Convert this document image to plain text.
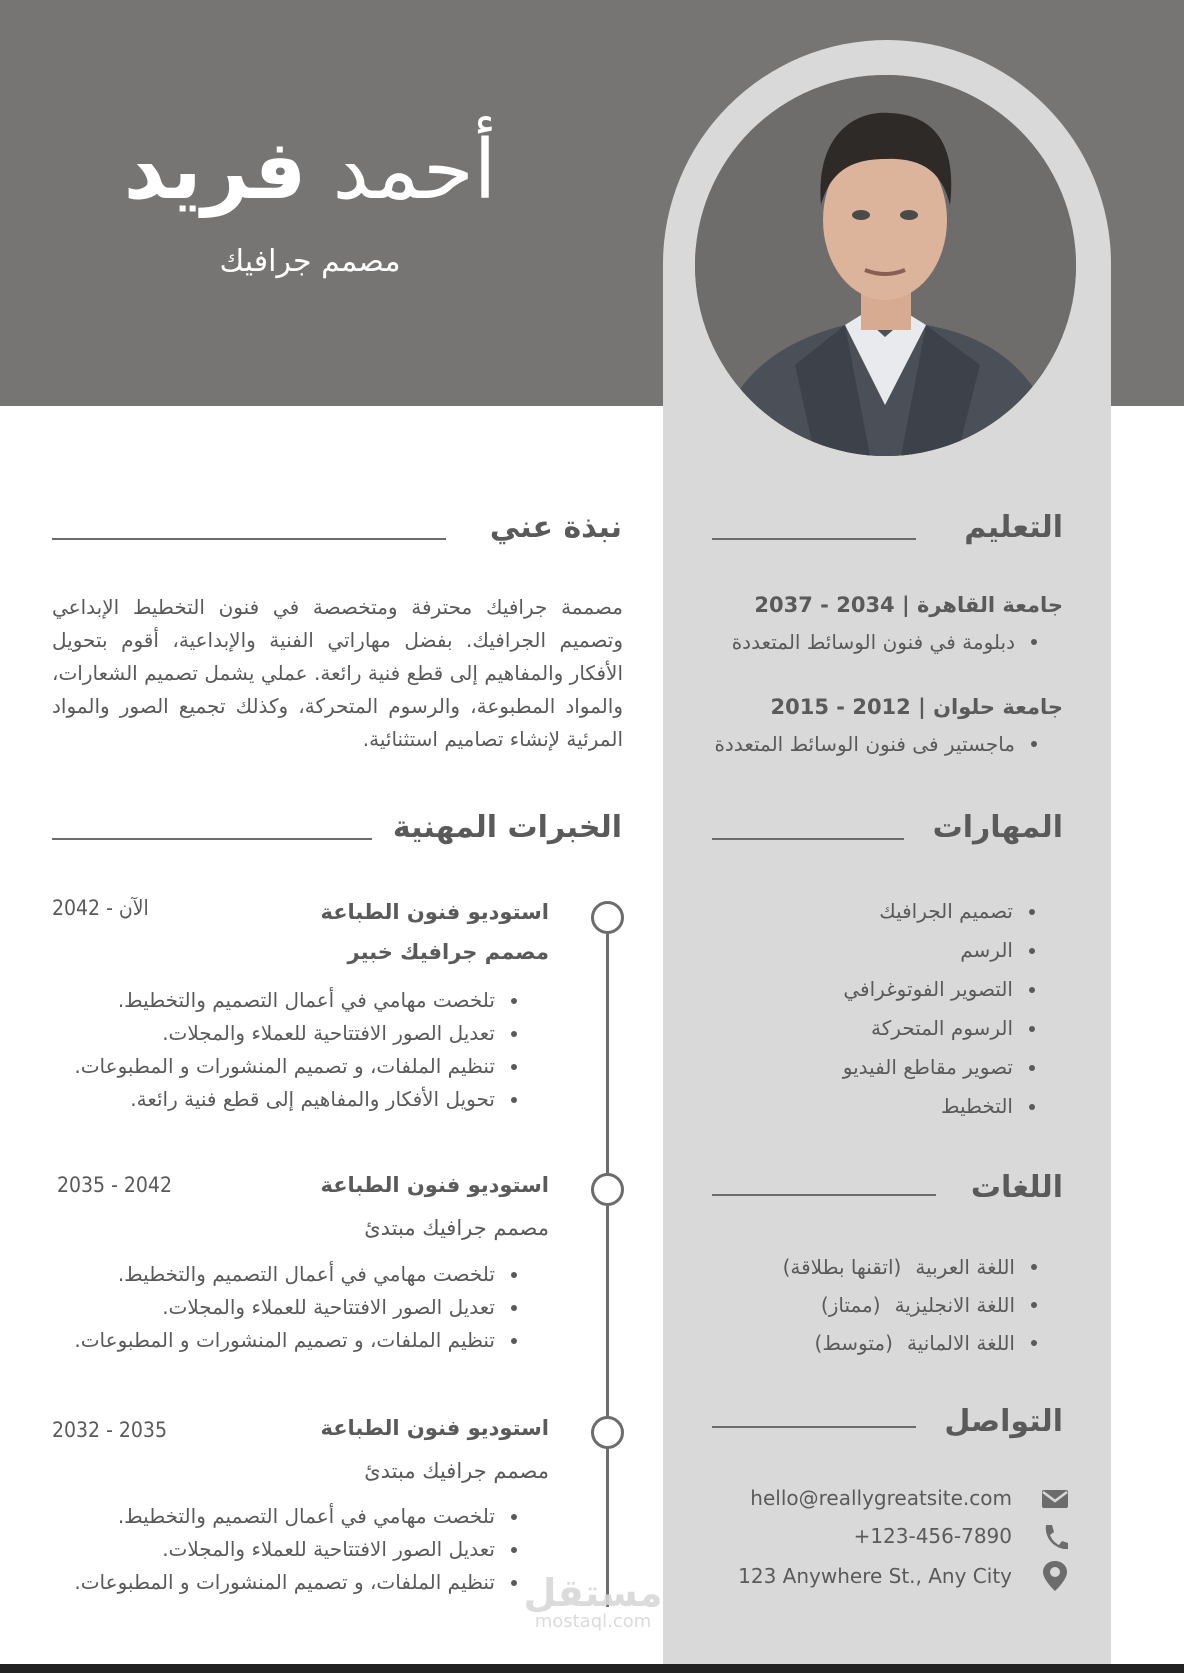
أحمد فريد
مصمم جرافيك
نبذة عني
مصممة جرافيك محترفة ومتخصصة في فنون التخطيط الإبداعي وتصميم الجرافيك. بفضل مهاراتي الفنية والإبداعية، أقوم بتحويل الأفكار والمفاهيم إلى قطع فنية رائعة. عملي يشمل تصميم الشعارات، والمواد المطبوعة، والرسوم المتحركة، وكذلك تجميع الصور والمواد المرئية لإنشاء تصاميم استثنائية.
التعليم
جامعة القاهرة | 2034 - 2037
دبلومة في فنون الوسائط المتعددة
جامعة حلوان | 2012 - 2015
ماجستير فى فنون الوسائط المتعددة
المهارات
تصميم الجرافيك
الرسم
التصوير الفوتوغرافي
الرسوم المتحركة
تصوير مقاطع الفيديو
التخطيط
اللغات
اللغة العربية(اتقنها بطلاقة)
اللغة الانجليزية(ممتاز)
اللغة الالمانية(متوسط)
التواصل
hello@reallygreatsite.com
+123-456-7890
123 Anywhere St., Any City
الخبرات المهنية
استوديو فنون الطباعة
مصمم جرافيك خبير
2042 - الآن
تلخصت مهامي في أعمال التصميم والتخطيط.
تعديل الصور الافتتاحية للعملاء والمجلات.
تنظيم الملفات، و تصميم المنشورات و المطبوعات.
تحويل الأفكار والمفاهيم إلى قطع فنية رائعة.
استوديو فنون الطباعة
مصمم جرافيك مبتدئ
2035 - 2042
تلخصت مهامي في أعمال التصميم والتخطيط.
تعديل الصور الافتتاحية للعملاء والمجلات.
تنظيم الملفات، و تصميم المنشورات و المطبوعات.
استوديو فنون الطباعة
مصمم جرافيك مبتدئ
2032 - 2035
تلخصت مهامي في أعمال التصميم والتخطيط.
تعديل الصور الافتتاحية للعملاء والمجلات.
تنظيم الملفات، و تصميم المنشورات و المطبوعات. مستقل
mostaql.com
